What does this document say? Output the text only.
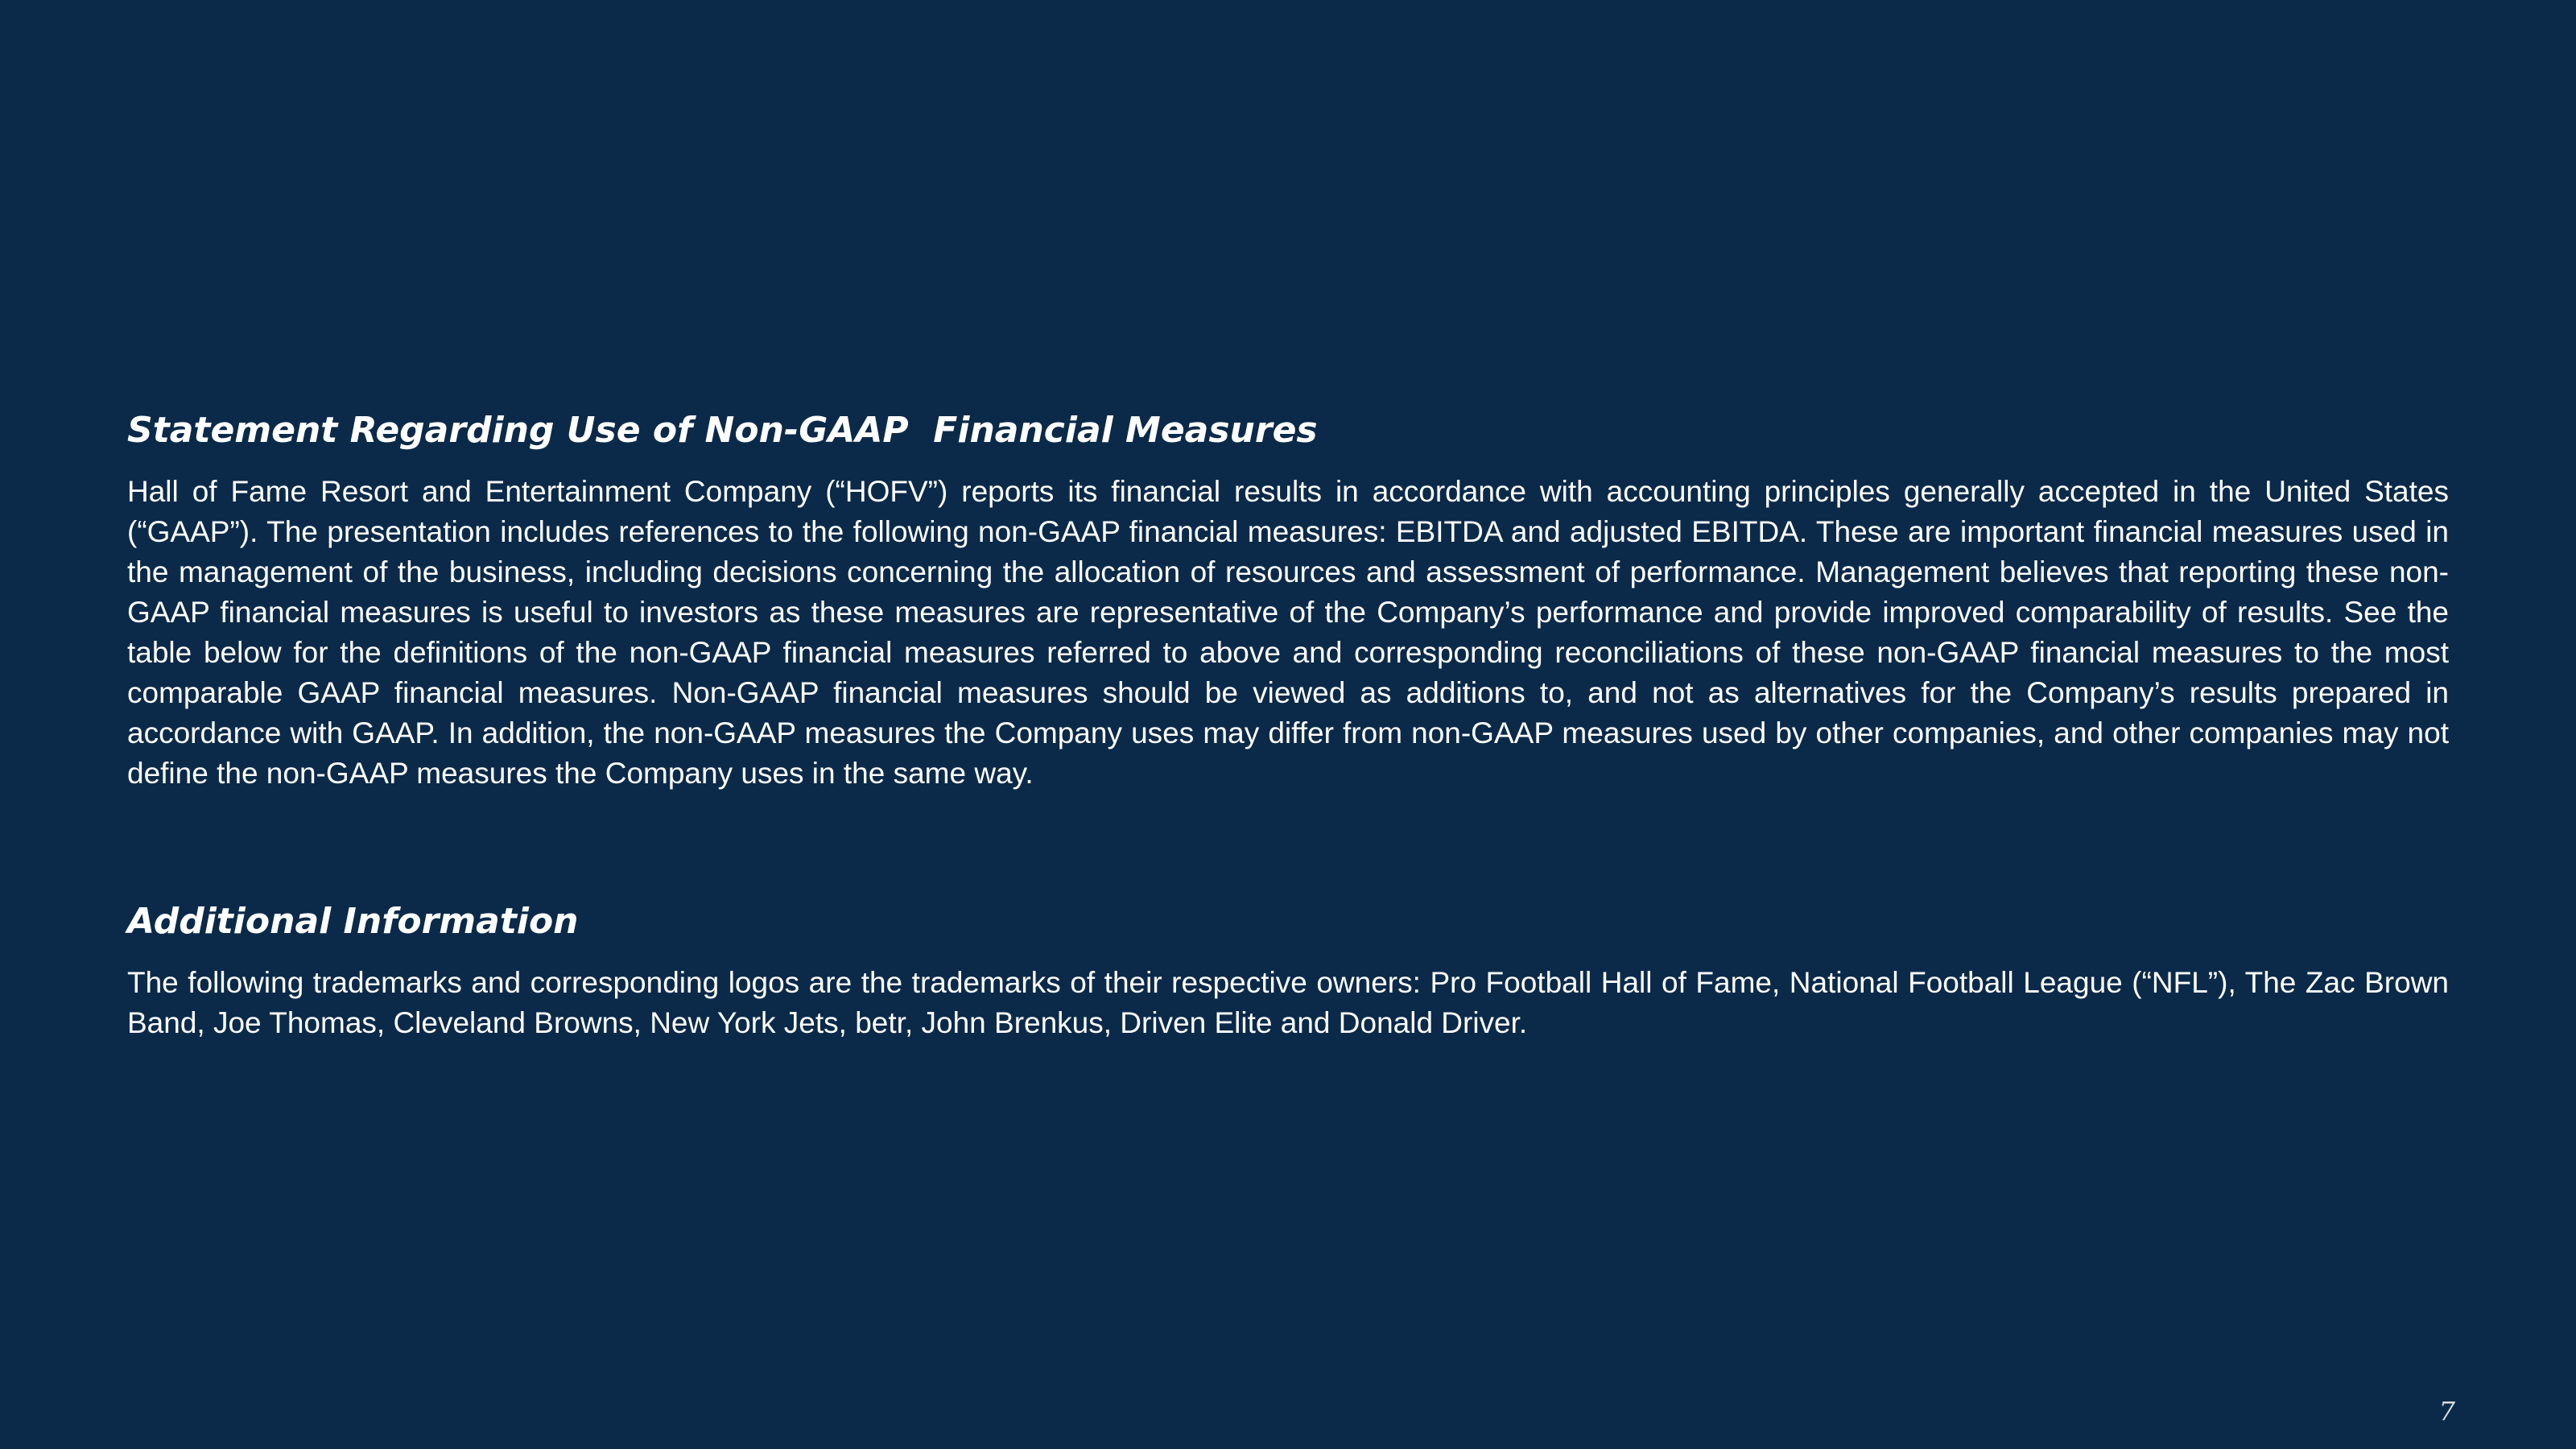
Statement Regarding Use of Non-GAAP  Financial Measures

Hall of Fame Resort and Entertainment Company (“HOFV”) reports its financial results in accordance with accounting principles generally accepted in the United States (“GAAP”). The presentation includes references to the following non-GAAP financial measures: EBITDA and adjusted EBITDA. These are important financial measures used in the management of the business, including decisions concerning the allocation of resources and assessment of performance. Management believes that reporting these non-GAAP financial measures is useful to investors as these measures are representative of the Company’s performance and provide improved comparability of results. See the table below for the definitions of the non-GAAP financial measures referred to above and corresponding reconciliations of these non-GAAP financial measures to the most comparable GAAP financial measures. Non-GAAP financial measures should be viewed as additions to, and not as alternatives for the Company’s results prepared in accordance with GAAP. In addition, the non-GAAP measures the Company uses may differ from non-GAAP measures used by other companies, and other companies may not define the non-GAAP measures the Company uses in the same way.

Additional Information

The following trademarks and corresponding logos are the trademarks of their respective owners: Pro Football Hall of Fame, National Football League (“NFL”), The Zac Brown Band, Joe Thomas, Cleveland Browns, New York Jets, betr, John Brenkus, Driven Elite and Donald Driver.

7
